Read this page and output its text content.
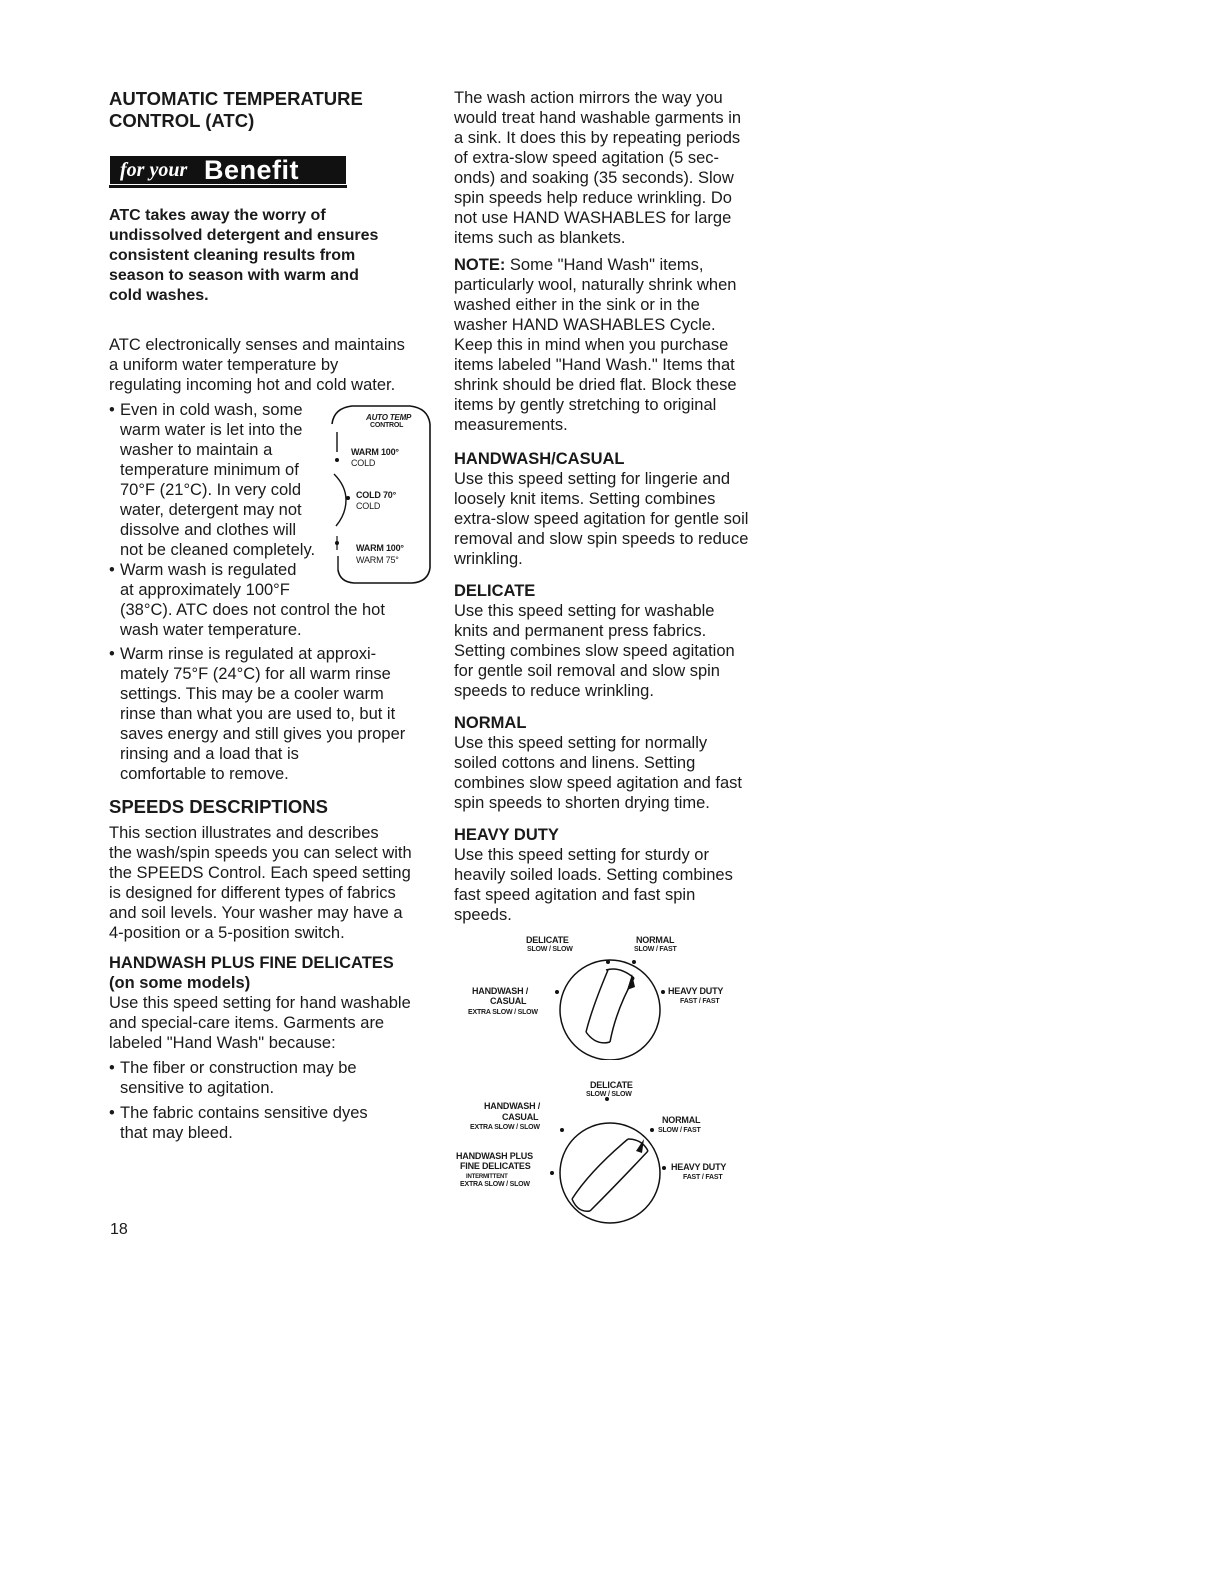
AUTOMATIC TEMPERATURE

CONTROL (ATC)

for your Benefit

ATC takes away the worry of

undissolved detergent and ensures

consistent cleaning results from

season to season with warm and

cold washes.

ATC electronically senses and maintains

a uniform water temperature by

regulating incoming hot and cold water.

• Even in cold wash, some
warm water is let into the
washer to maintain a
temperature minimum of
70°F (21°C). In very cold
water, detergent may not
dissolve and clothes will
not be cleaned completely.
• Warm wash is regulated
at approximately 100°F
AUTO TEMP
CONTROL
WARM 100°
COLD
COLD 70°
COLD
WARM 100°
WARM 75°

(38°C). ATC does not control the hot

wash water temperature.

• Warm rinse is regulated at approxi-
mately 75°F (24°C) for all warm rinse
settings. This may be a cooler warm
rinse than what you are used to, but it
saves energy and still gives you proper
rinsing and a load that is
comfortable to remove.

SPEEDS DESCRIPTIONS

This section illustrates and describes

the wash/spin speeds you can select with

the SPEEDS Control. Each speed setting

is designed for different types of fabrics

and soil levels. Your washer may have a

4-position or a 5-position switch.

HANDWASH PLUS FINE DELICATES

(on some models)

Use this speed setting for hand washable

and special-care items. Garments are

labeled "Hand Wash" because:

• The fiber or construction may be
sensitive to agitation.
• The fabric contains sensitive dyes
that may bleed.

The wash action mirrors the way you

would treat hand washable garments in

a sink. It does this by repeating periods

of extra-slow speed agitation (5 sec-

onds) and soaking (35 seconds). Slow

spin speeds help reduce wrinkling. Do

not use HAND WASHABLES for large

items such as blankets.

NOTE: Some "Hand Wash" items,

particularly wool, naturally shrink when

washed either in the sink or in the

washer HAND WASHABLES Cycle.

Keep this in mind when you purchase

items labeled "Hand Wash." Items that

shrink should be dried flat. Block these

items by gently stretching to original

measurements.

HANDWASH/CASUAL

Use this speed setting for lingerie and

loosely knit items. Setting combines

extra-slow speed agitation for gentle soil

removal and slow spin speeds to reduce

wrinkling.

DELICATE

Use this speed setting for washable

knits and permanent press fabrics.

Setting combines slow speed agitation

for gentle soil removal and slow spin

speeds to reduce wrinkling.

NORMAL

Use this speed setting for normally

soiled cottons and linens. Setting

combines slow speed agitation and fast

spin speeds to shorten drying time.

HEAVY DUTY

Use this speed setting for sturdy or

heavily soiled loads. Setting combines

fast speed agitation and fast spin

speeds.

DELICATE
SLOW / SLOW
NORMAL
SLOW / FAST
HANDWASH /
CASUAL
EXTRA SLOW / SLOW
HEAVY DUTY
FAST / FAST
DELICATE
SLOW / SLOW
HANDWASH /
CASUAL
EXTRA SLOW / SLOW
NORMAL
SLOW / FAST
HANDWASH PLUS
FINE DELICATES
INTERMITTENT
EXTRA SLOW / SLOW
HEAVY DUTY
FAST / FAST
18
